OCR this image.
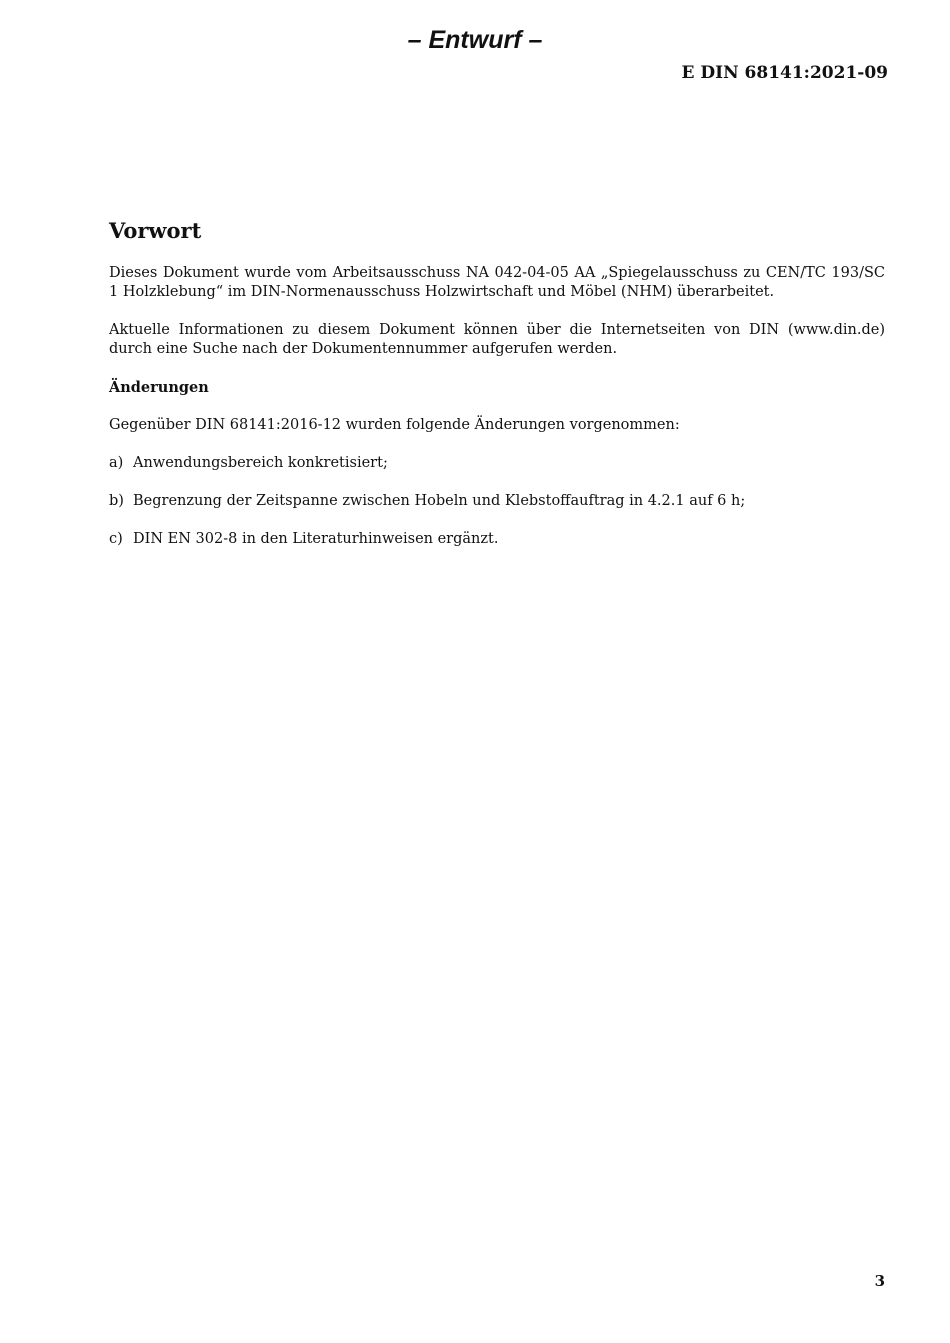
– Entwurf –
E DIN 68141:2021-09
Vorwort

Dieses Dokument wurde vom Arbeitsausschuss NA 042-04-05 AA „Spiegelausschuss zu CEN/TC 193/SC 1 Holzklebung“ im DIN-Normenausschuss Holzwirtschaft und Möbel (NHM) überarbeitet.

Aktuelle Informationen zu diesem Dokument können über die Internetseiten von DIN (www.din.de) durch eine Suche nach der Dokumentennummer aufgerufen werden.

Änderungen

Gegenüber DIN 68141:2016-12 wurden folgende Änderungen vorgenommen:

a) Anwendungsbereich konkretisiert;
b) Begrenzung der Zeitspanne zwischen Hobeln und Klebstoffauftrag in 4.2.1 auf 6 h;
c) DIN EN 302-8 in den Literaturhinweisen ergänzt.
3
